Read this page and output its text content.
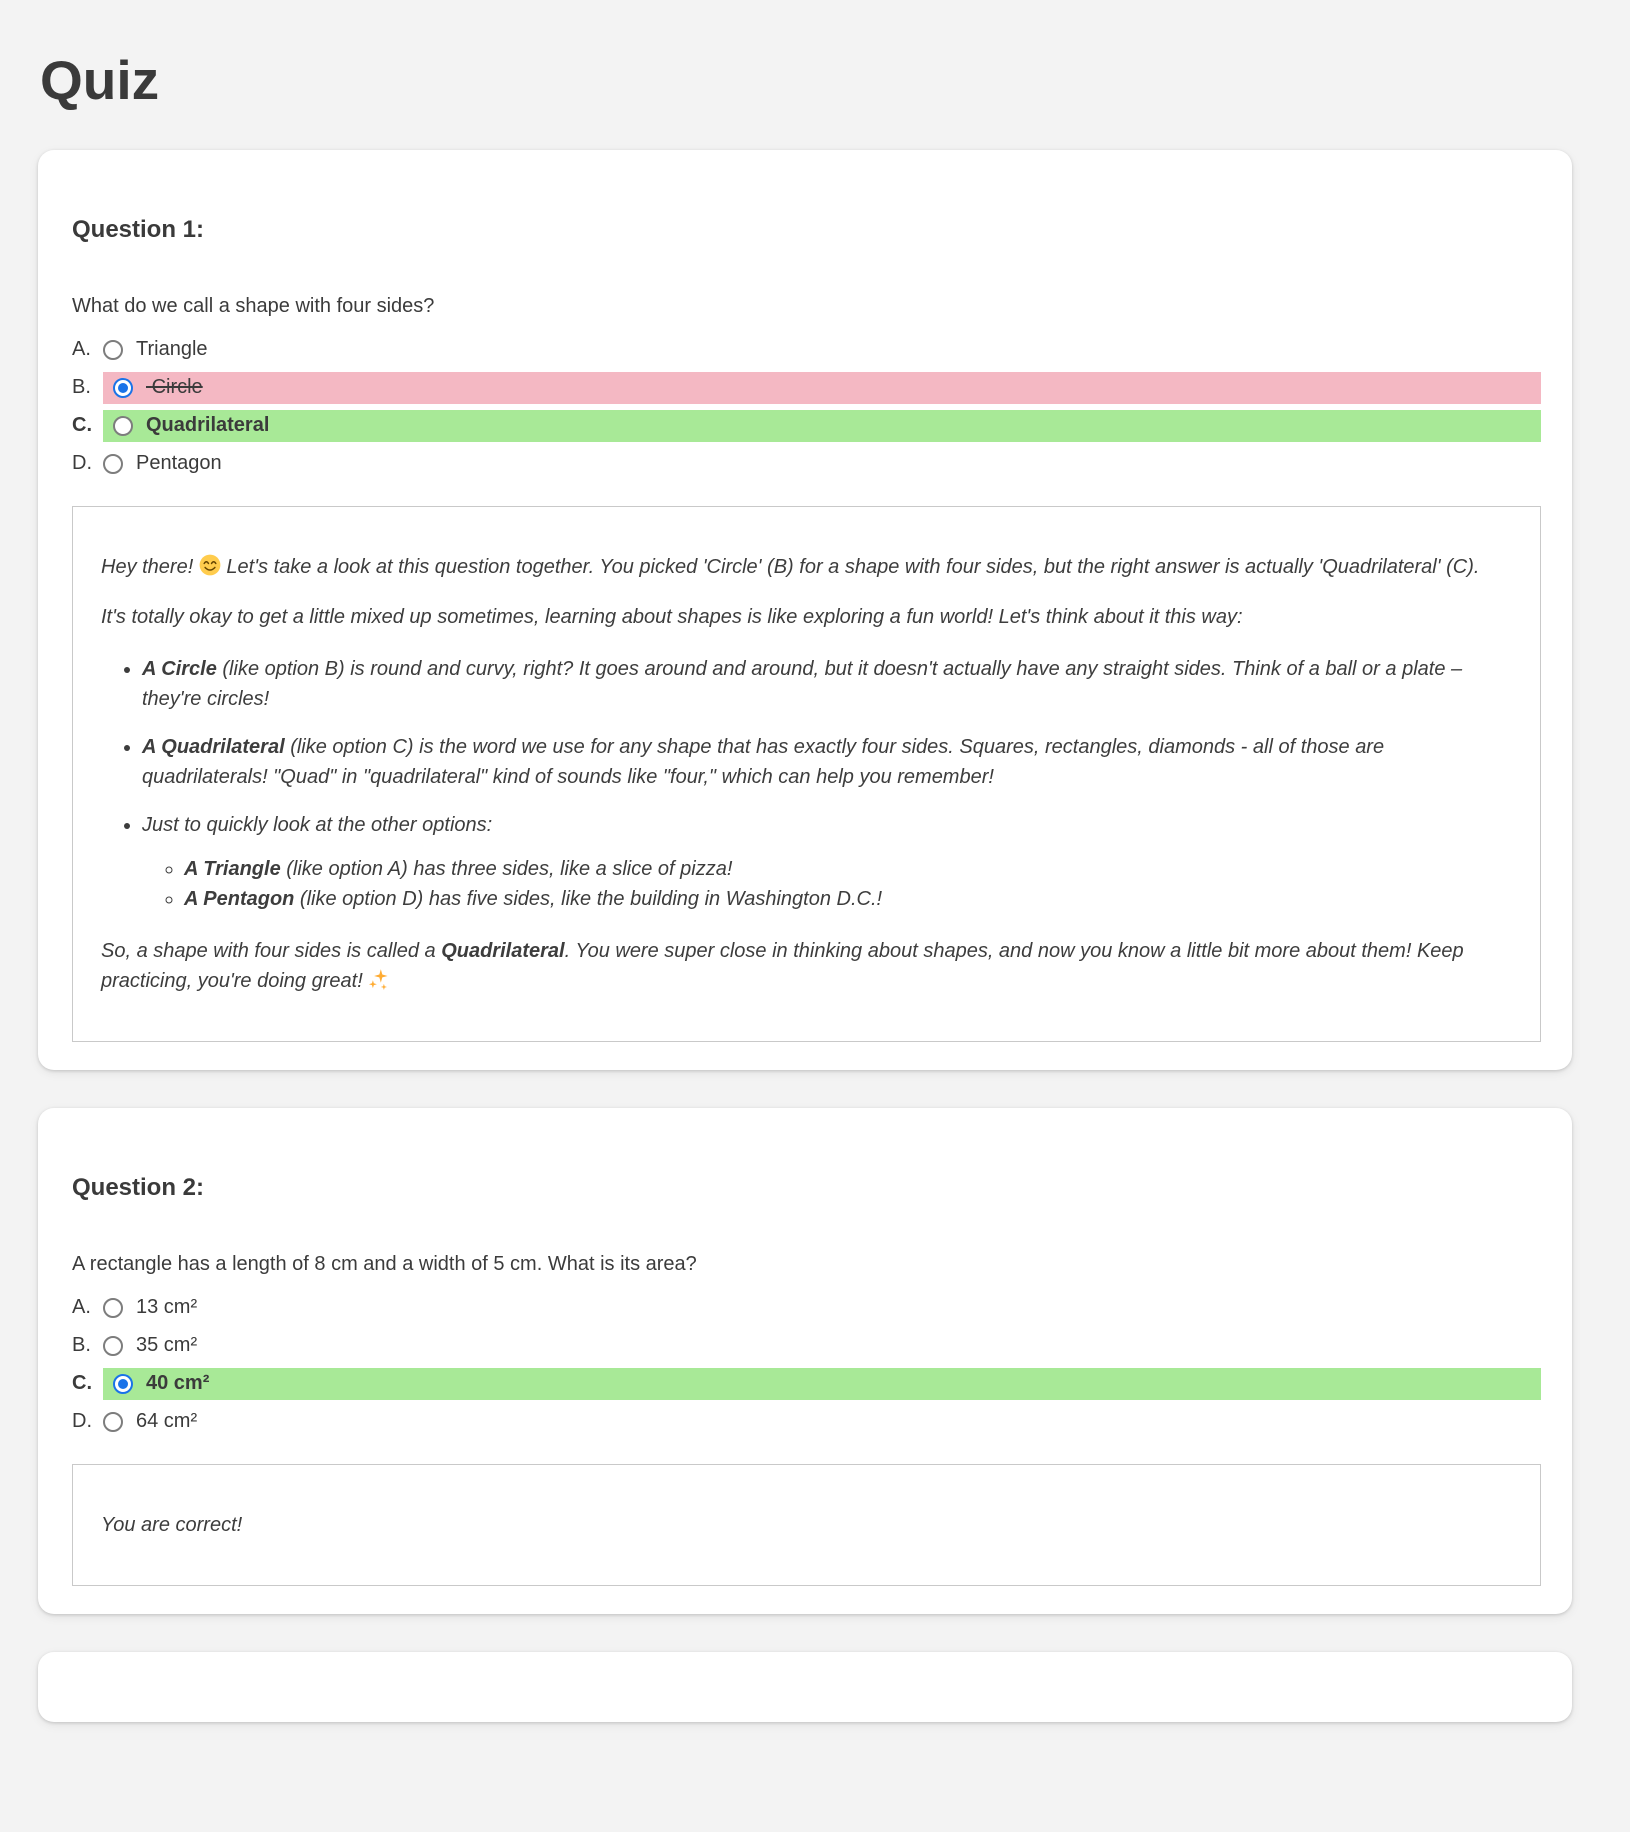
Quiz
Question 1:

What do we call a shape with four sides?

A.	Triangle
B.	Circle
C.	Quadrilateral
D.	Pentagon

Hey there!  Let's take a look at this question together. You picked 'Circle' (B) for a shape with four sides, but the right answer is actually 'Quadrilateral' (C).

It's totally okay to get a little mixed up sometimes, learning about shapes is like exploring a fun world! Let's think about it this way:

• A Circle (like option B) is round and curvy, right? It goes around and around, but it doesn't actually have any straight sides. Think of a ball or a plate – they're circles!
• A Quadrilateral (like option C) is the word we use for any shape that has exactly four sides. Squares, rectangles, diamonds - all of those are quadrilaterals! "Quad" in "quadrilateral" kind of sounds like "four," which can help you remember!
• Just to quickly look at the other options:
◦ A Triangle (like option A) has three sides, like a slice of pizza!
◦ A Pentagon (like option D) has five sides, like the building in Washington D.C.!

So, a shape with four sides is called a Quadrilateral. You were super close in thinking about shapes, and now you know a little bit more about them! Keep practicing, you're doing great!

Question 2:

A rectangle has a length of 8 cm and a width of 5 cm. What is its area?

A.	13 cm²
B.	35 cm²
C.	40 cm²
D.	64 cm²

You are correct!
